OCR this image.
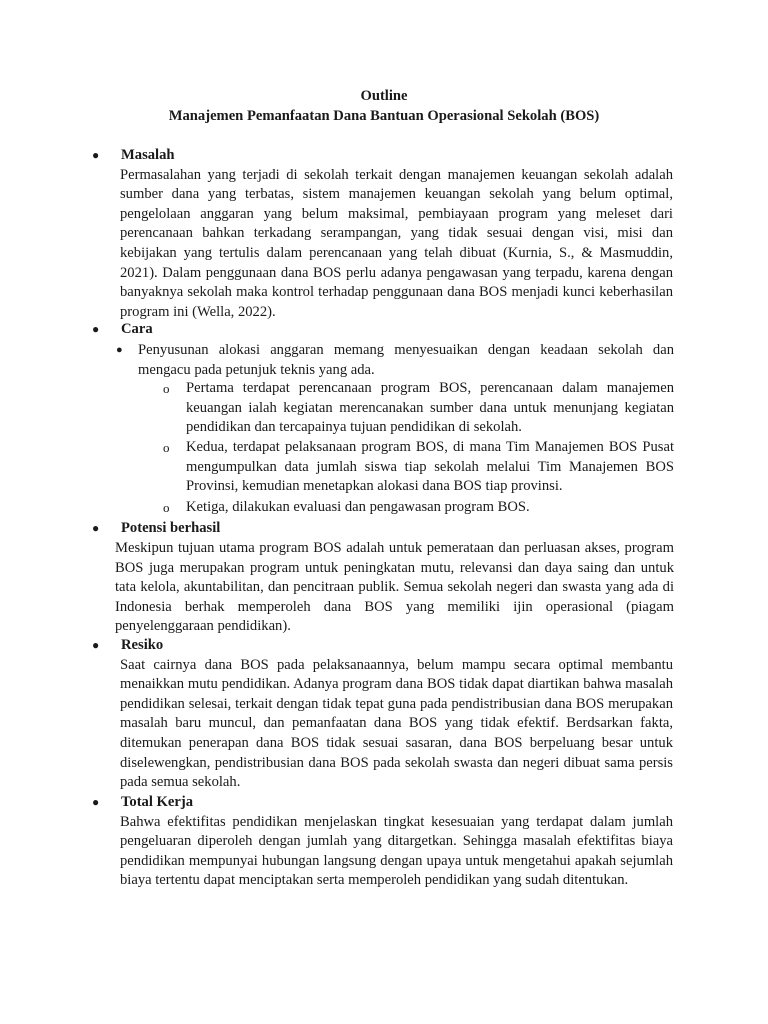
Outline
Manajemen Pemanfaatan Dana Bantuan Operasional Sekolah (BOS)
● Masalah
Permasalahan yang terjadi di sekolah terkait dengan manajemen keuangan sekolah adalah sumber dana yang terbatas, sistem manajemen keuangan sekolah yang belum optimal, pengelolaan anggaran yang belum maksimal, pembiayaan program yang meleset dari perencanaan bahkan terkadang serampangan, yang tidak sesuai dengan visi, misi dan kebijakan yang tertulis dalam perencanaan yang telah dibuat (Kurnia, S., & Masmuddin, 2021). Dalam penggunaan dana BOS perlu adanya pengawasan yang terpadu, karena dengan banyaknya sekolah maka kontrol terhadap penggunaan dana BOS menjadi kunci keberhasilan program ini (Wella, 2022).
● Cara
● Penyusunan alokasi anggaran memang menyesuaikan dengan keadaan sekolah dan mengacu pada petunjuk teknis yang ada.
o Pertama terdapat perencanaan program BOS, perencanaan dalam manajemen keuangan ialah kegiatan merencanakan sumber dana untuk menunjang kegiatan pendidikan dan tercapainya tujuan pendidikan di sekolah.
o Kedua, terdapat pelaksanaan program BOS, di mana Tim Manajemen BOS Pusat mengumpulkan data jumlah siswa tiap sekolah melalui Tim Manajemen BOS Provinsi, kemudian menetapkan alokasi dana BOS tiap provinsi.
o Ketiga, dilakukan evaluasi dan pengawasan program BOS.
● Potensi berhasil
Meskipun tujuan utama program BOS adalah untuk pemerataan dan perluasan akses, program BOS juga merupakan program untuk peningkatan mutu, relevansi dan daya saing dan untuk tata kelola, akuntabilitan, dan pencitraan publik. Semua sekolah negeri dan swasta yang ada di Indonesia berhak memperoleh dana BOS yang memiliki ijin operasional (piagam penyelenggaraan pendidikan).
● Resiko
Saat cairnya dana BOS pada pelaksanaannya, belum mampu secara optimal membantu menaikkan mutu pendidikan. Adanya program dana BOS tidak dapat diartikan bahwa masalah pendidikan selesai, terkait dengan tidak tepat guna pada pendistribusian dana BOS merupakan masalah baru muncul, dan pemanfaatan dana BOS yang tidak efektif. Berdsarkan fakta, ditemukan penerapan dana BOS tidak sesuai sasaran, dana BOS berpeluang besar untuk diselewengkan, pendistribusian dana BOS pada sekolah swasta dan negeri dibuat sama persis pada semua sekolah.
● Total Kerja
Bahwa efektifitas pendidikan menjelaskan tingkat kesesuaian yang terdapat dalam jumlah pengeluaran diperoleh dengan jumlah yang ditargetkan. Sehingga masalah efektifitas biaya pendidikan mempunyai hubungan langsung dengan upaya untuk mengetahui apakah sejumlah biaya tertentu dapat menciptakan serta memperoleh pendidikan yang sudah ditentukan.
